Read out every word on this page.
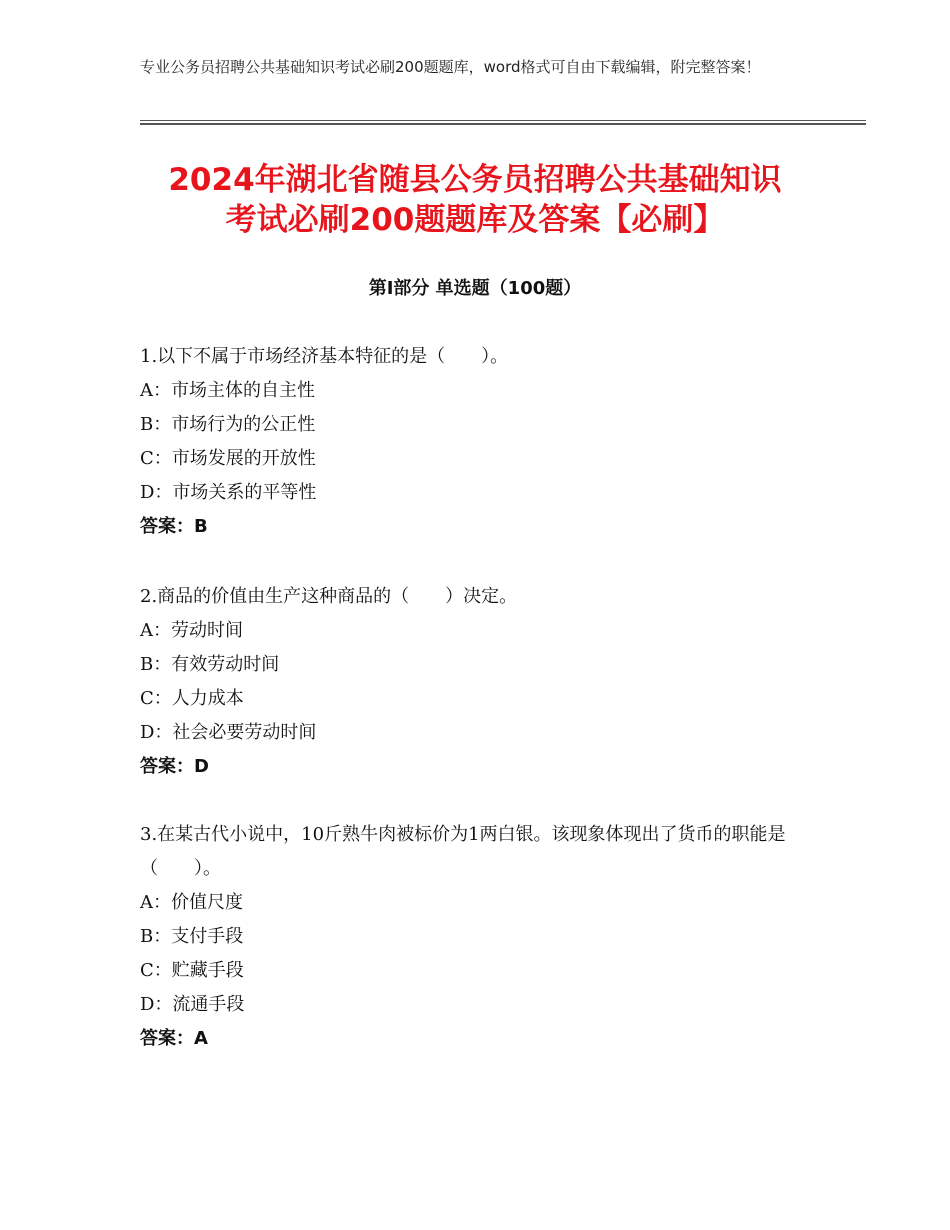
专业公务员招聘公共基础知识考试必刷200题题库，word格式可自由下载编辑，附完整答案！
2024年湖北省随县公务员招聘公共基础知识
考试必刷200题题库及答案【必刷】
第I部分 单选题（100题）
1.以下不属于市场经济基本特征的是（　　）。
A：市场主体的自主性
B：市场行为的公正性
C：市场发展的开放性
D：市场关系的平等性
答案：B
2.商品的价值由生产这种商品的（　　）决定。
A：劳动时间
B：有效劳动时间
C：人力成本
D：社会必要劳动时间
答案：D
3.在某古代小说中，10斤熟牛肉被标价为1两白银。该现象体现出了货币的职能是（　　）。
A：价值尺度
B：支付手段
C：贮藏手段
D：流通手段
答案：A
